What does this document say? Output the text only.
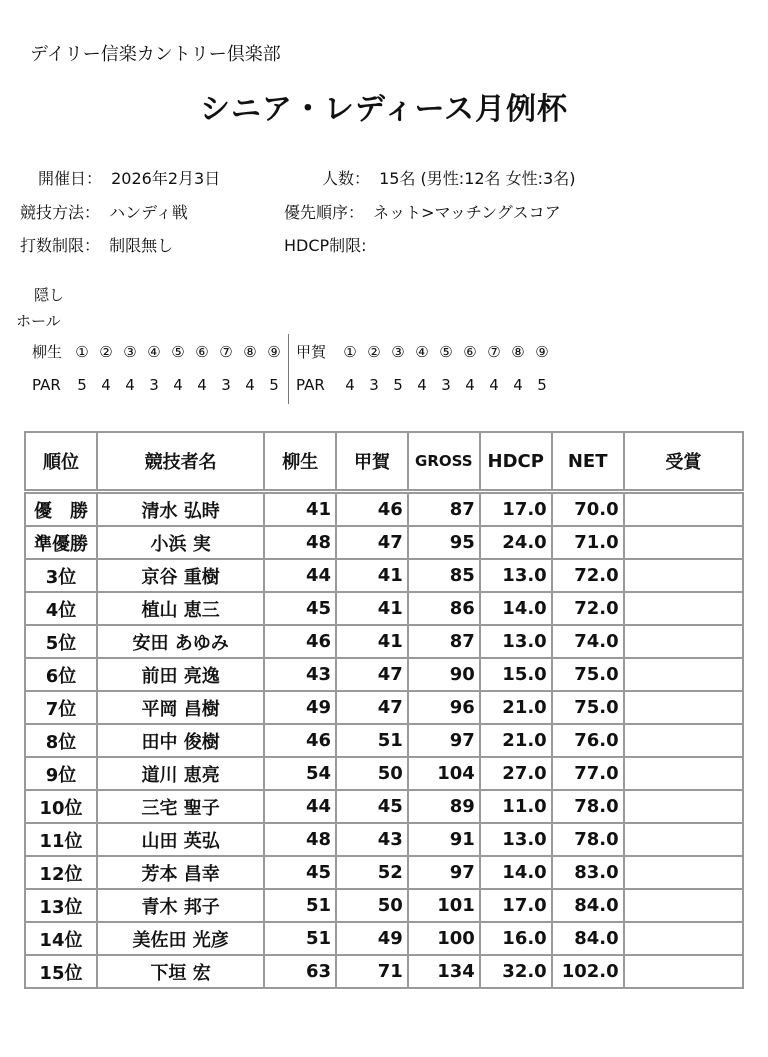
デイリー信楽カントリー倶楽部
シニア・レディース月例杯
開催日： 2026年2月3日	人数： 15名 (男性:12名 女性:3名)
競技方法： ハンディ戦	優先順序： ネット>マッチングスコア
打数制限： 制限無し	HDCP制限:
隠し
ホール
柳生 ① ② ③ ④ ⑤ ⑥ ⑦ ⑧ ⑨
PAR 5 4 4 3 4 4 3 4 5
甲賀 ① ② ③ ④ ⑤ ⑥ ⑦ ⑧ ⑨
PAR 4 3 5 4 3 4 4 4 5
順位	競技者名	柳生	甲賀	GROSS	HDCP	NET	受賞
優　勝	清水 弘時	41	46	87	17.0	70.0	
準優勝	小浜 実	48	47	95	24.0	71.0	
3位	京谷 重樹	44	41	85	13.0	72.0	
4位	植山 恵三	45	41	86	14.0	72.0	
5位	安田 あゆみ	46	41	87	13.0	74.0	
6位	前田 亮逸	43	47	90	15.0	75.0	
7位	平岡 昌樹	49	47	96	21.0	75.0	
8位	田中 俊樹	46	51	97	21.0	76.0	
9位	道川 恵亮	54	50	104	27.0	77.0	
10位	三宅 聖子	44	45	89	11.0	78.0	
11位	山田 英弘	48	43	91	13.0	78.0	
12位	芳本 昌幸	45	52	97	14.0	83.0	
13位	青木 邦子	51	50	101	17.0	84.0	
14位	美佐田 光彦	51	49	100	16.0	84.0	
15位	下垣 宏	63	71	134	32.0	102.0	
